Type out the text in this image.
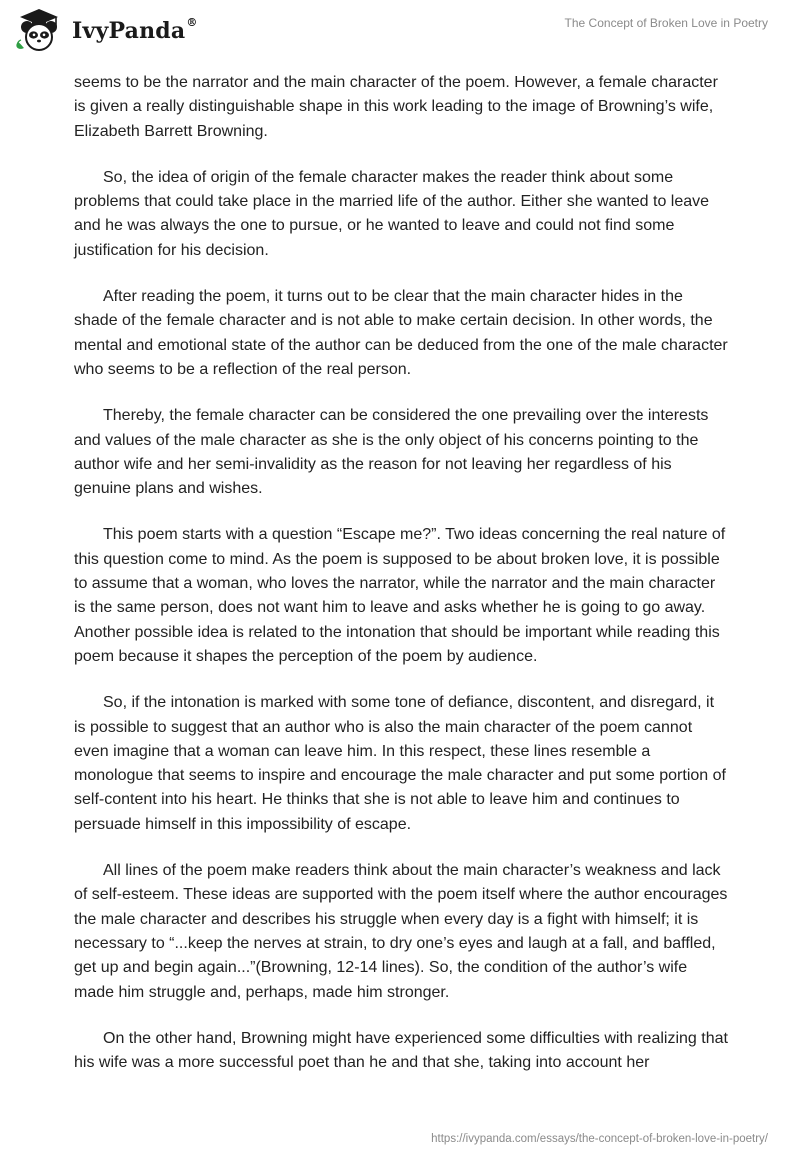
IvyPanda®	The Concept of Broken Love in Poetry

seems to be the narrator and the main character of the poem. However, a female character is given a really distinguishable shape in this work leading to the image of Browning’s wife, Elizabeth Barrett Browning.

So, the idea of origin of the female character makes the reader think about some problems that could take place in the married life of the author. Either she wanted to leave and he was always the one to pursue, or he wanted to leave and could not find some justification for his decision.

After reading the poem, it turns out to be clear that the main character hides in the shade of the female character and is not able to make certain decision. In other words, the mental and emotional state of the author can be deduced from the one of the male character who seems to be a reflection of the real person.

Thereby, the female character can be considered the one prevailing over the interests and values of the male character as she is the only object of his concerns pointing to the author wife and her semi-invalidity as the reason for not leaving her regardless of his genuine plans and wishes.

This poem starts with a question “Escape me?”. Two ideas concerning the real nature of this question come to mind. As the poem is supposed to be about broken love, it is possible to assume that a woman, who loves the narrator, while the narrator and the main character is the same person, does not want him to leave and asks whether he is going to go away. Another possible idea is related to the intonation that should be important while reading this poem because it shapes the perception of the poem by audience.

So, if the intonation is marked with some tone of defiance, discontent, and disregard, it is possible to suggest that an author who is also the main character of the poem cannot even imagine that a woman can leave him. In this respect, these lines resemble a monologue that seems to inspire and encourage the male character and put some portion of self-content into his heart. He thinks that she is not able to leave him and continues to persuade himself in this impossibility of escape.

All lines of the poem make readers think about the main character’s weakness and lack of self-esteem. These ideas are supported with the poem itself where the author encourages the male character and describes his struggle when every day is a fight with himself; it is necessary to “...keep the nerves at strain, to dry one’s eyes and laugh at a fall, and baffled, get up and begin again...”(Browning, 12-14 lines). So, the condition of the author’s wife made him struggle and, perhaps, made him stronger.

On the other hand, Browning might have experienced some difficulties with realizing that his wife was a more successful poet than he and that she, taking into account her

https://ivypanda.com/essays/the-concept-of-broken-love-in-poetry/
